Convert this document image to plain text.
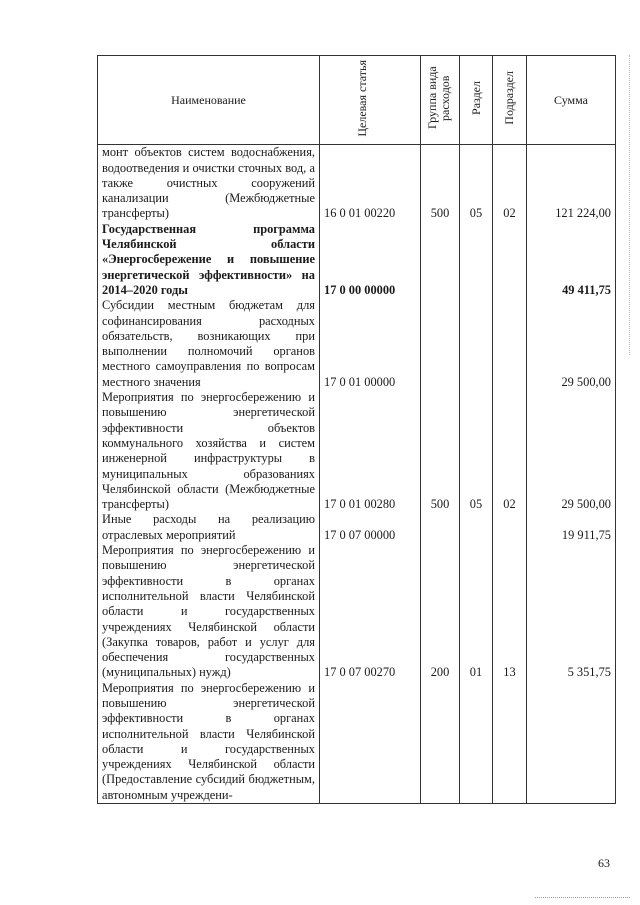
Наименование	Целевая статья	Группа вида расходов	Раздел	Подраздел	Сумма
монт объектов систем водоснабжения, водоотведения и очистки сточных вод, а также очистных сооружений канализации (Межбюджетные трансферты)	16 0 01 00220	500	05	02	121 224,00
Государственная программа Челябинской области «Энергосбережение и повышение энергетической эффективности» на 2014–2020 годы	17 0 00 00000				49 411,75
Субсидии местным бюджетам для софинансирования расходных обязательств, возникающих при выполнении полномочий органов местного самоуправления по вопросам местного значения	17 0 01 00000				29 500,00
Мероприятия по энергосбережению и повышению энергетической эффективности объектов коммунального хозяйства и систем инженерной инфраструктуры в муниципальных образованиях Челябинской области (Межбюджетные трансферты)	17 0 01 00280	500	05	02	29 500,00
Иные расходы на реализацию отраслевых мероприятий	17 0 07 00000				19 911,75
Мероприятия по энергосбережению и повышению энергетической эффективности в органах исполнительной власти Челябинской области и государственных учреждениях Челябинской области (Закупка товаров, работ и услуг для обеспечения государственных (муниципальных) нужд)	17 0 07 00270	200	01	13	5 351,75
Мероприятия по энергосбережению и повышению энергетической эффективности в органах исполнительной власти Челябинской области и государственных учреждениях Челябинской области (Предоставление субсидий бюджетным, автономным учреждени-					
63
